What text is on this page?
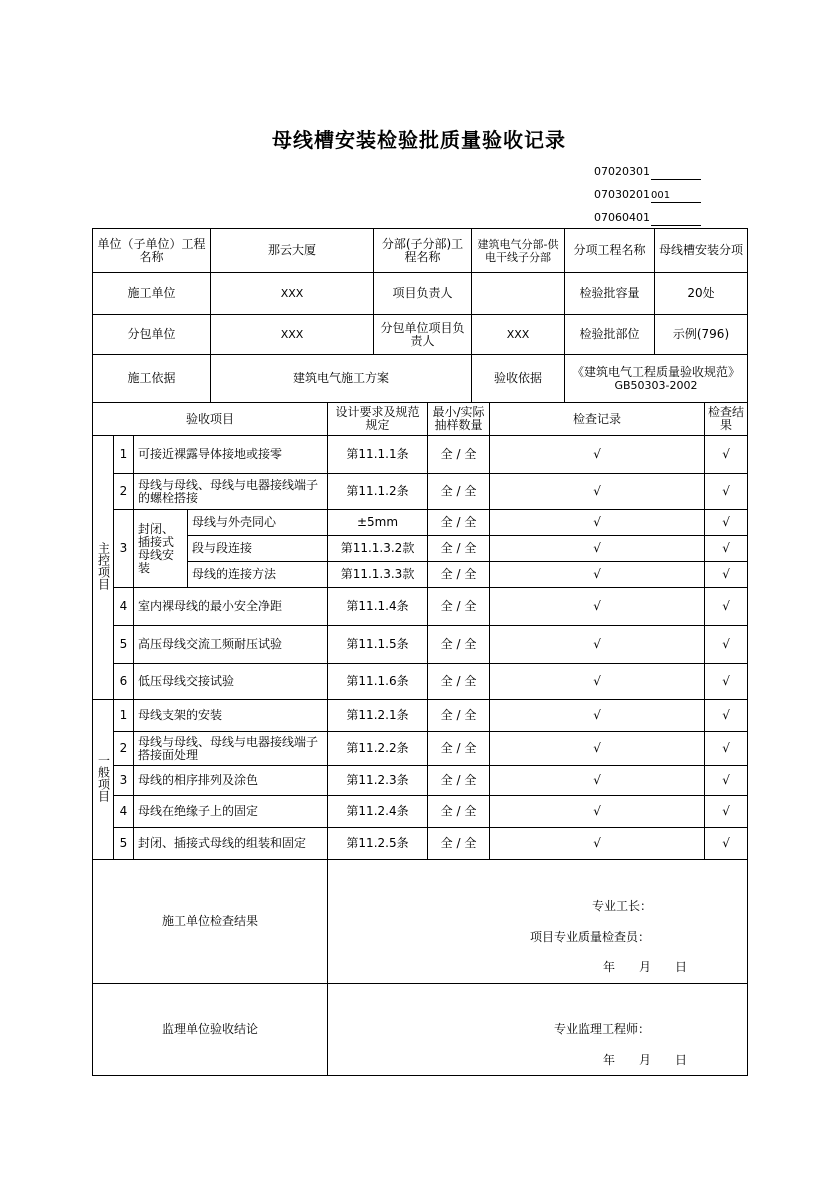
母线槽安装检验批质量验收记录
07020301
07030201001
07060401
单位（子单位）工程名称	那云大厦	分部(子分部)工程名称	建筑电气分部-供电干线子分部	分项工程名称	母线槽安装分项
施工单位	XXX	项目负责人		检验批容量	20处
分包单位	XXX	分包单位项目负责人	XXX	检验批部位	示例(796)
施工依据	建筑电气施工方案		验收依据	《建筑电气工程质量验收规范》
GB50303-2002	
验收项目				设计要求及规范规定	最小/实际抽样数量	检查记录	检查结果
主控项目	1	可接近裸露导体接地或接零		第11.1.1条	全 / 全	√	√
	2	母线与母线、母线与电器接线端子的螺栓搭接		第11.1.2条	全 / 全	√	√
	3	封闭、插接式母线安装	母线与外壳同心	±5mm	全 / 全	√	√
			段与段连接	第11.1.3.2款	全 / 全	√	√
			母线的连接方法	第11.1.3.3款	全 / 全	√	√
	4	室内裸母线的最小安全净距		第11.1.4条	全 / 全	√	√
	5	高压母线交流工频耐压试验		第11.1.5条	全 / 全	√	√
	6	低压母线交接试验		第11.1.6条	全 / 全	√	√
一般项目	1	母线支架的安装		第11.2.1条	全 / 全	√	√
	2	母线与母线、母线与电器接线端子搭接面处理		第11.2.2条	全 / 全	√	√
	3	母线的相序排列及涂色		第11.2.3条	全 / 全	√	√
	4	母线在绝缘子上的固定		第11.2.4条	全 / 全	√	√
	5	封闭、插接式母线的组装和固定		第11.2.5条	全 / 全	√	√
施工单位检查结果				专业工长：
项目专业质量检查员：
年 月 日			

监理单位验收结论				专业监理工程师：
年 月 日			
